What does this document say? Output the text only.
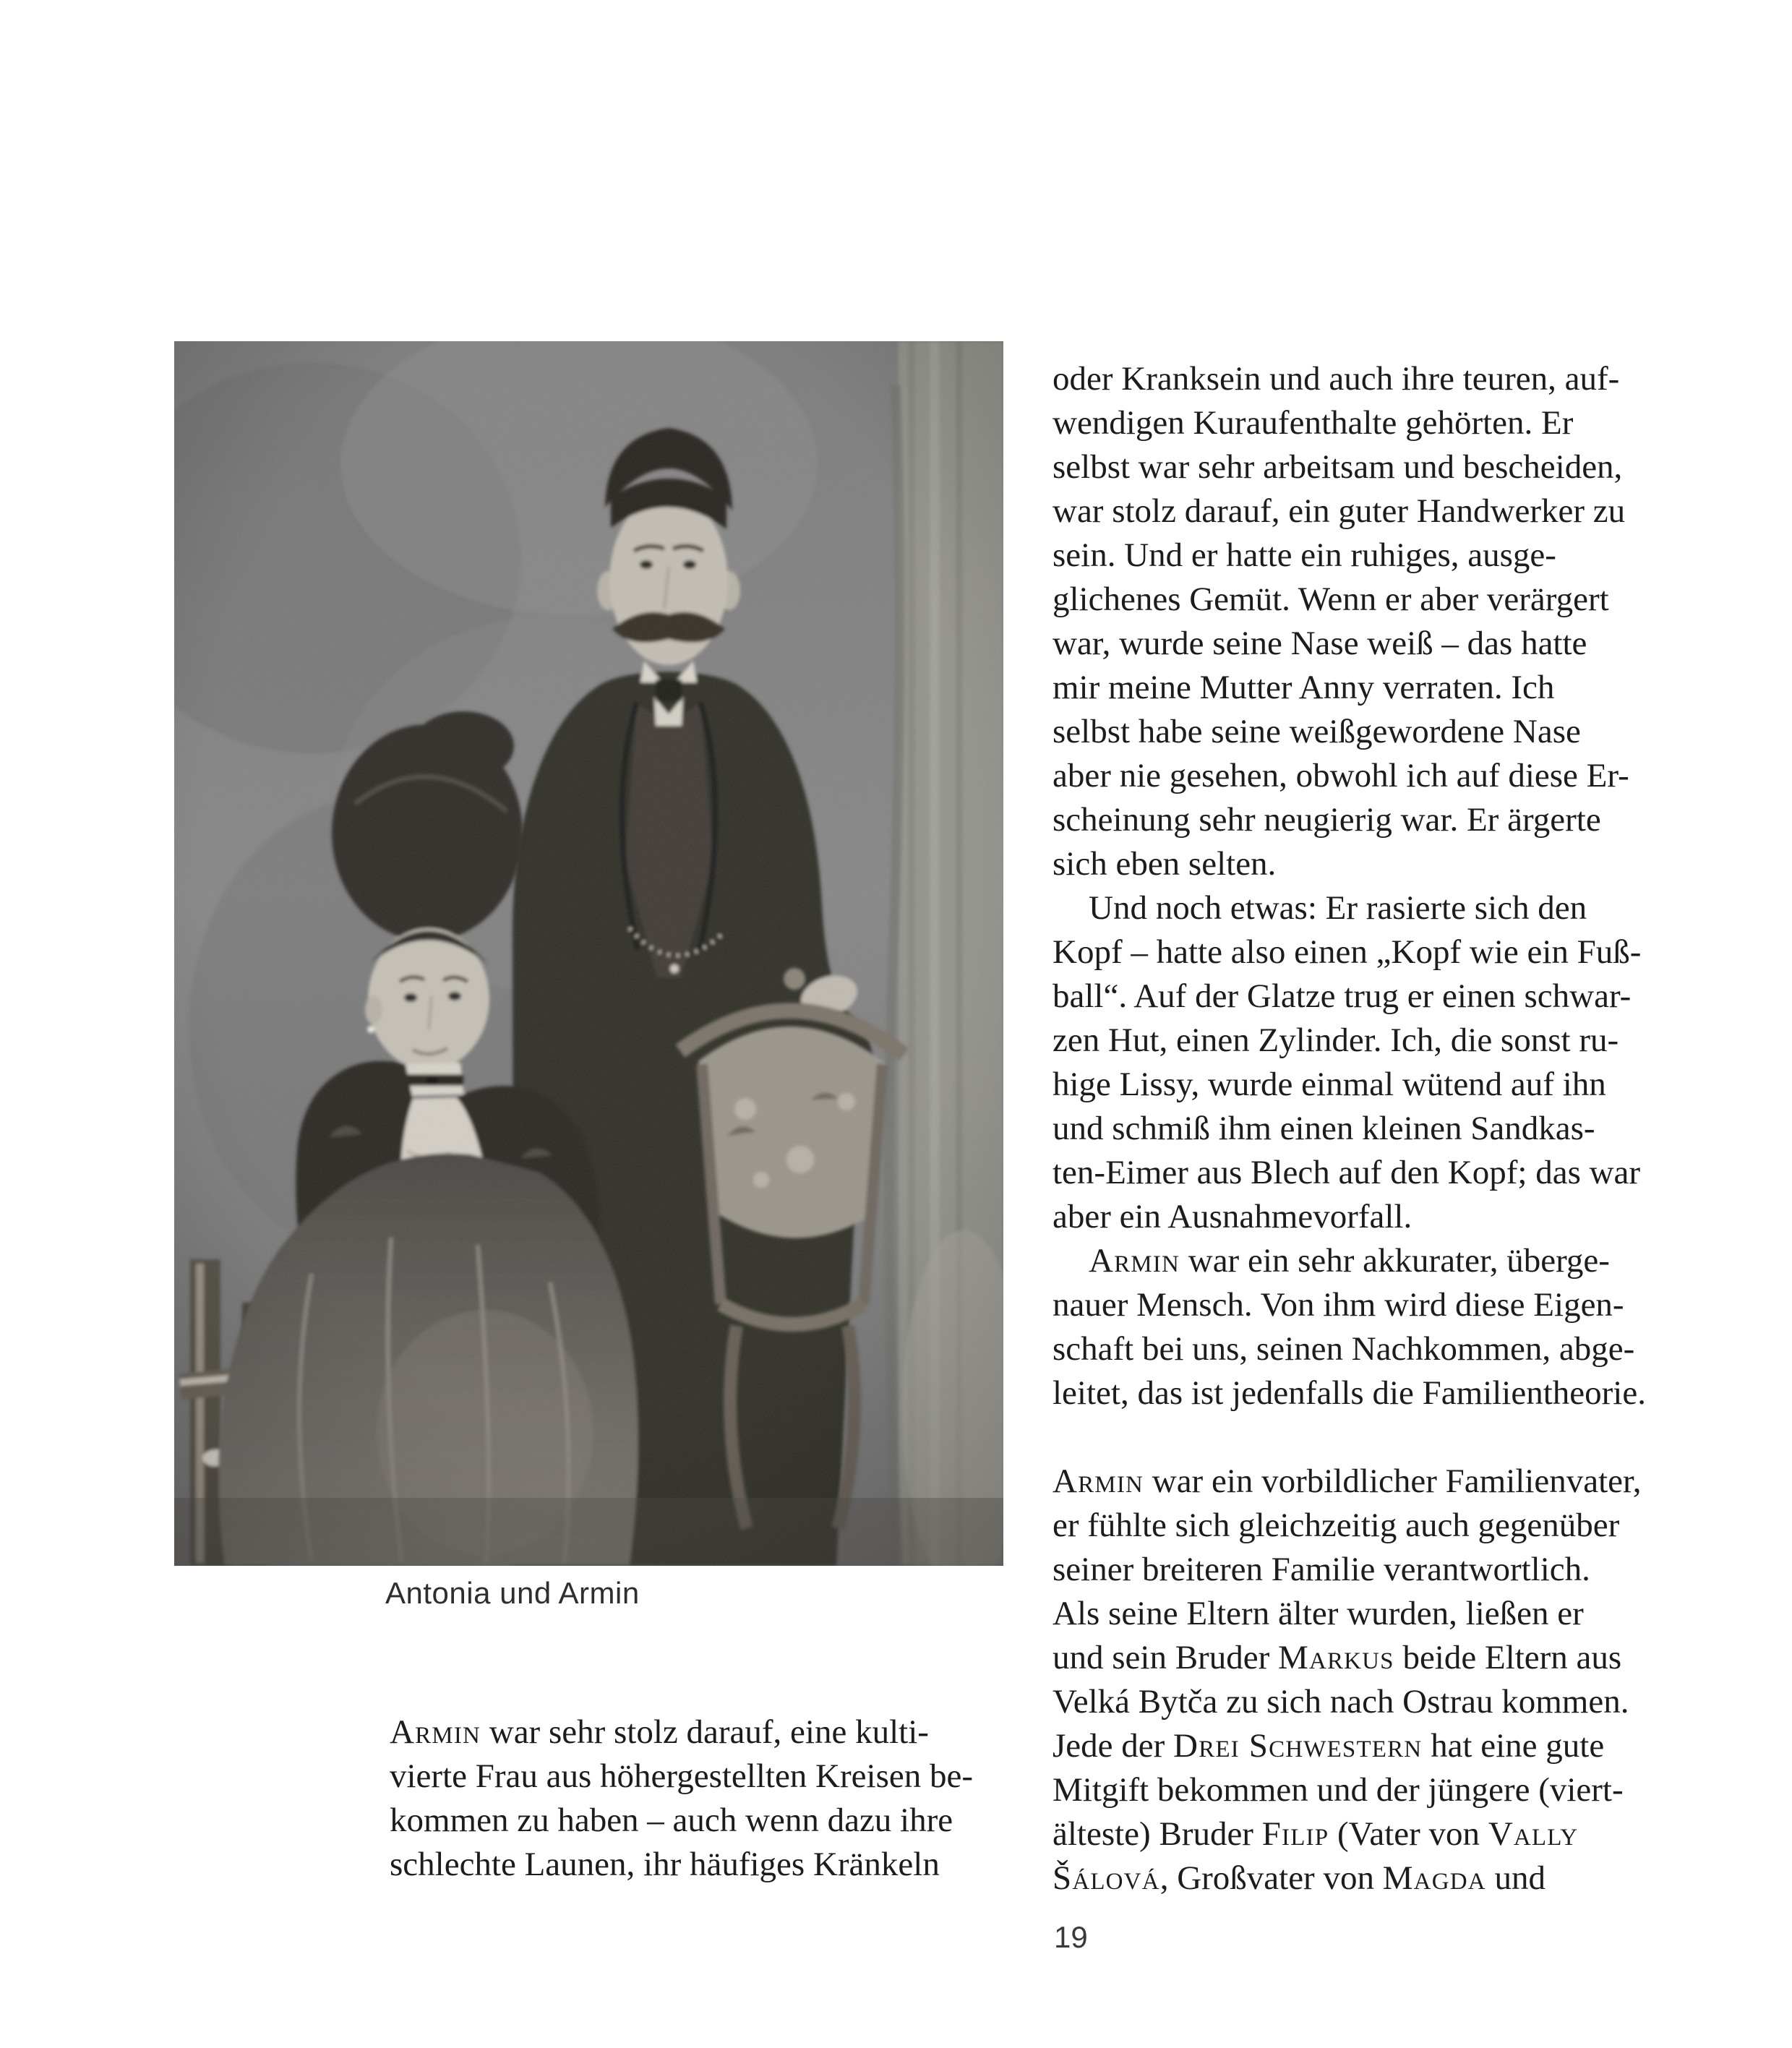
Antonia und Armin
Armin war sehr stolz darauf, eine kulti-
vierte Frau aus höhergestellten Kreisen be-
kommen zu haben – auch wenn dazu ihre
schlechte Launen, ihr häufiges Kränkeln
oder Kranksein und auch ihre teuren, auf-
wendigen Kuraufenthalte gehörten. Er
selbst war sehr arbeitsam und bescheiden,
war stolz darauf, ein guter Handwerker zu
sein. Und er hatte ein ruhiges, ausge-
glichenes Gemüt. Wenn er aber verärgert
war, wurde seine Nase weiß – das hatte
mir meine Mutter Anny verraten. Ich
selbst habe seine weißgewordene Nase
aber nie gesehen, obwohl ich auf diese Er-
scheinung sehr neugierig war. Er ärgerte
sich eben selten.
Und noch etwas: Er rasierte sich den
Kopf – hatte also einen „Kopf wie ein Fuß-
ball“. Auf der Glatze trug er einen schwar-
zen Hut, einen Zylinder. Ich, die sonst ru-
hige Lissy, wurde einmal wütend auf ihn
und schmiß ihm einen kleinen Sandkas-
ten-Eimer aus Blech auf den Kopf; das war
aber ein Ausnahmevorfall.
Armin war ein sehr akkurater, überge-
nauer Mensch. Von ihm wird diese Eigen-
schaft bei uns, seinen Nachkommen, abge-
leitet, das ist jedenfalls die Familientheorie.
Armin war ein vorbildlicher Familienvater,
er fühlte sich gleichzeitig auch gegenüber
seiner breiteren Familie verantwortlich.
Als seine Eltern älter wurden, ließen er
und sein Bruder Markus beide Eltern aus
Velká Bytča zu sich nach Ostrau kommen.
Jede der Drei Schwestern hat eine gute
Mitgift bekommen und der jüngere (viert-
älteste) Bruder Filip (Vater von Vally
Šálová, Großvater von Magda und
19
